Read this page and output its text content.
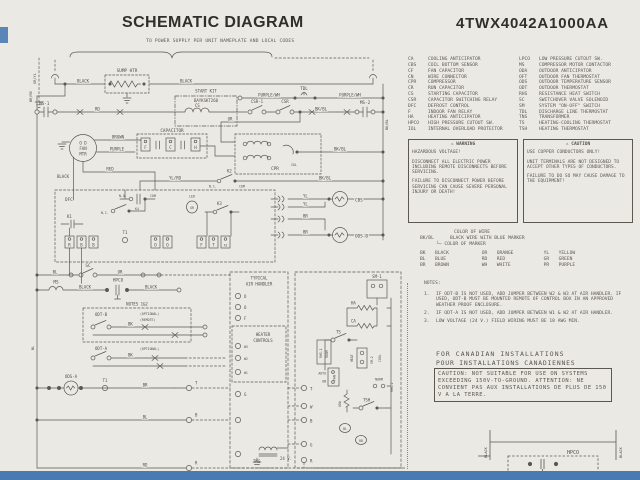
SCHEMATIC DIAGRAM	4TWX4042A1000AA
TO POWER SUPPLY PER UNIT NAMEPLATE AND LOCAL CODES
GR/YL
BR/RD
BLACK
SUMP HTR
BLACK
MS-1
RD
START KIT
BAYKSKT260
CS
CSR-1	CSR
BK/BL
MS-2
BK/BL
TDL
PURPLE/WH	PURPLE/WH
CAPACITOR
F	C	H
BROWN
PURPLE
RED
BLACK
O D
FAN
MTR
OR
CPR
IOL
BK/BL
YL/RD
K2
N.C.	COM
BK/BL
DFC
N.O.	COM
K4
N.C.
K1
K3
LED
GR
YL
YL
BR
BR
CBS
ODS-B
R B B
T1
O O	F T	X2
BL
BL
SC
OR
MS
BLACK
HPCO
BLACK
NOTES 1&2
ODT-B	(OPTIONAL)
(REMOTE)
BK
ODT-A	(OPTIONAL)
BK
ODS-A
T1
BR	T
BL	B
RD	R
TYPICAL
AIR HANDLER
O
O
F
HEATER
CONTROLS
W3
W2
W1
G
TNS
24 V.
T
W
B
G
R
SM-1
HA
CA
TS
HEAT	SM-2 COOL
NORM
RHS-2
RHS-1 ROOM
AUTO
ON
FAN
ODA
TSH
BL
RD
CA	COOLING ANTICIPATOR
CBS	COIL BOTTOM SENSOR
CF	FAN CAPACITOR
CN	WIRE CONNECTOR
CPR	COMPRESSOR
CR	RUN CAPACITOR
CS	STARTING CAPACITOR
CSR	CAPACITOR SWITCHING RELAY
DFC	DEFROST CONTROL
F	INDOOR FAN RELAY
HA	HEATING ANTICIPATOR
HPCO HIGH PRESSURE CUTOUT SW.
IOL	INTERNAL OVERLOAD PROTECTOR
LPCO LOW PRESSURE CUTOUT SW.
MS	COMPRESSOR MOTOR CONTACTOR
ODA	OUTDOOR ANTICIPATOR
OFT	OUTDOOR FAN THERMOSTAT
ODS	OUTDOOR TEMPERATURE SENSOR
ODT	OUTDOOR THERMOSTAT
RHS	RESISTANCE HEAT SWITCH
SC	SWITCHOVER VALVE SOLENOID
SM	SYSTEM "ON-OFF" SWITCH
TDL	DISCHARGE LINE THERMOSTAT
TNS	TRANSFORMER
TS	HEATING-COOLING THERMOSTAT
TSH	HEATING THERMOSTAT
⚠ WARNING

HAZARDOUS VOLTAGE!

DISCONNECT ALL ELECTRIC POWER INCLUDING REMOTE DISCONNECTS BEFORE SERVICING.

FAILURE TO DISCONNECT POWER BEFORE SERVICING CAN CAUSE SEVERE PERSONAL INJURY OR DEATH!

⚠ CAUTION

USE COPPER CONDUCTORS ONLY!

UNIT TERMINALS ARE NOT DESIGNED TO ACCEPT OTHER TYPES OF CONDUCTORS.

FAILURE TO DO SO MAY CAUSE DAMAGE TO THE EQUIPMENT!

COLOR OF WIRE
BK/BL	BLACK WIRE WITH BLUE MARKER
└─ COLOR OF MARKER
BK BLACK	OR ORANGE	YL YELLOW
BL BLUE	RD RED	GR GREEN
BR BROWN	WH WHITE	PR PURPLE
NOTES:
1.	IF ODT-B IS NOT USED, ADD JUMPER BETWEEN W2 & W3 AT AIR HANDLER. IF USED, ODT-B MUST BE MOUNTED REMOTE OF CONTROL BOX IN AN APPROVED WEATHER PROOF ENCLOSURE.
2.	IF ODT-A IS NOT USED, ADD JUMPER BETWEEN W1 & W2 AT AIR HANDLER.
3.	LOW VOLTAGE (24 V.) FIELD WIRING MUST BE 18 AWG MIN.
FOR CANADIAN INSTALLATIONS
POUR INSTALLATIONS CANADIENNES
CAUTION: NOT SUITABLE FOR USE ON SYSTEMS EXCEEDING 150V-TO-GROUND. ATTENTION: NE CONVIENT PAS AUX INSTALLATIONS DE PLUS DE 150 V A LA TERRE.
BLACK	BLACK
HPCO
